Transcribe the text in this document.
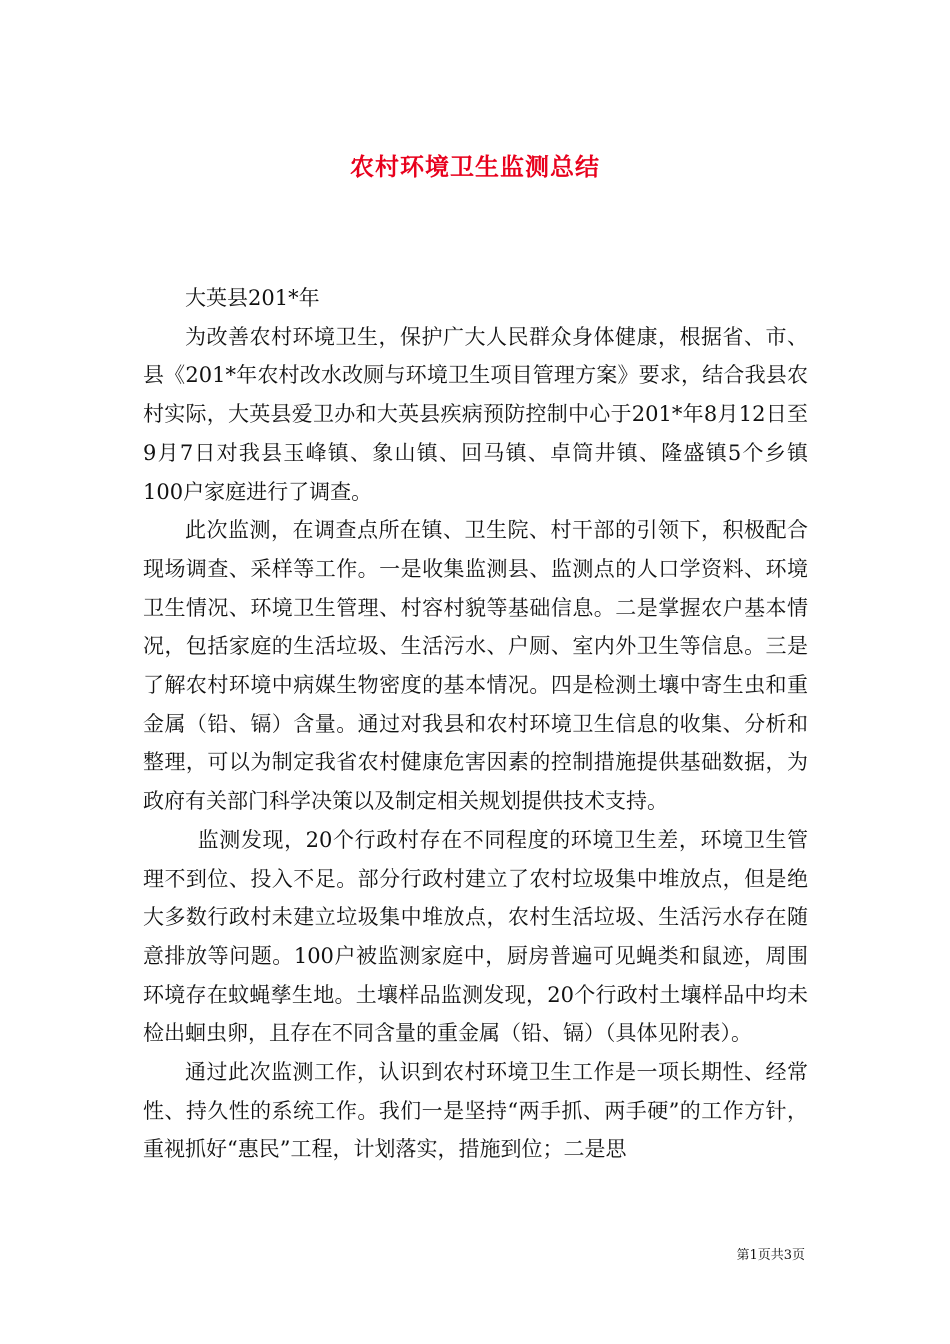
农村环境卫生监测总结

大英县201*年

为改善农村环境卫生，保护广大人民群众身体健康，根据省、市、县《201*年农村改水改厕与环境卫生项目管理方案》要求，结合我县农村实际，大英县爱卫办和大英县疾病预防控制中心于201*年8月12日至9月7日对我县玉峰镇、象山镇、回马镇、卓筒井镇、隆盛镇5个乡镇100户家庭进行了调查。

此次监测，在调查点所在镇、卫生院、村干部的引领下，积极配合现场调查、采样等工作。一是收集监测县、监测点的人口学资料、环境卫生情况、环境卫生管理、村容村貌等基础信息。二是掌握农户基本情况，包括家庭的生活垃圾、生活污水、户厕、室内外卫生等信息。三是了解农村环境中病媒生物密度的基本情况。四是检测土壤中寄生虫和重金属（铅、镉）含量。通过对我县和农村环境卫生信息的收集、分析和整理，可以为制定我省农村健康危害因素的控制措施提供基础数据，为政府有关部门科学决策以及制定相关规划提供技术支持。

监测发现，20个行政村存在不同程度的环境卫生差，环境卫生管理不到位、投入不足。部分行政村建立了农村垃圾集中堆放点，但是绝大多数行政村未建立垃圾集中堆放点，农村生活垃圾、生活污水存在随意排放等问题。100户被监测家庭中，厨房普遍可见蝇类和鼠迹，周围环境存在蚊蝇孳生地。土壤样品监测发现，20个行政村土壤样品中均未检出蛔虫卵，且存在不同含量的重金属（铅、镉）（具体见附表）。

通过此次监测工作，认识到农村环境卫生工作是一项长期性、经常性、持久性的系统工作。我们一是坚持“两手抓、两手硬”的工作方针，重视抓好“惠民”工程，计划落实，措施到位；二是思

第1页共3页
